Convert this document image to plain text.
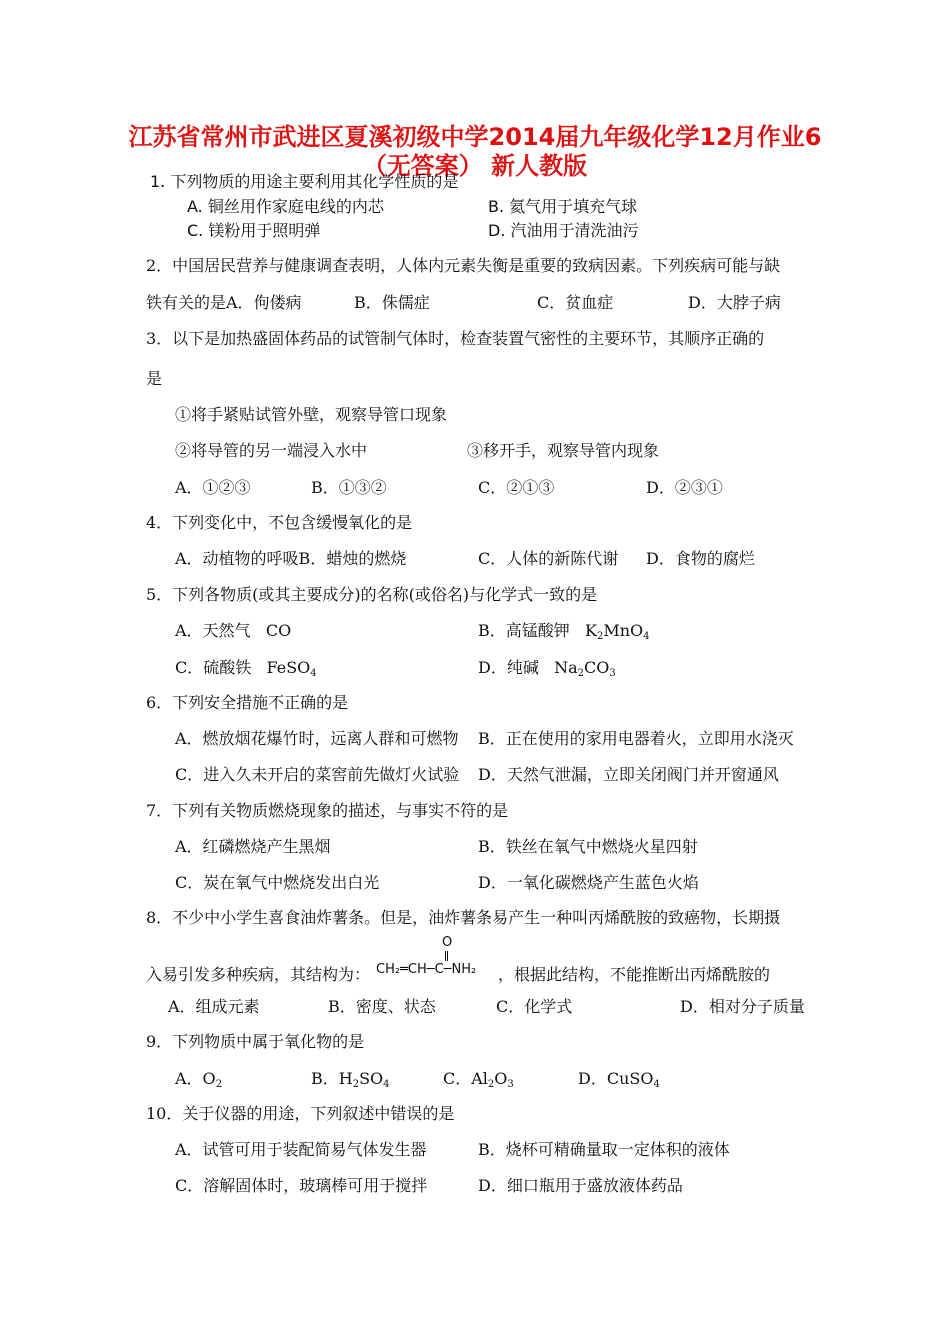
江苏省常州市武进区夏溪初级中学2014届九年级化学12月作业6
（无答案） 新人教版
1. 下列物质的用途主要利用其化学性质的是
A. 铜丝用作家庭电线的内芯	B. 氦气用于填充气球
C. 镁粉用于照明弹	D. 汽油用于清洗油污
2．中国居民营养与健康调查表明，人体内元素失衡是重要的致病因素。下列疾病可能与缺
铁有关的是A．佝偻病	B．侏儒症	C．贫血症	D．大脖子病
3．以下是加热盛固体药品的试管制气体时，检查装置气密性的主要环节，其顺序正确的
是
①将手紧贴试管外壁，观察导管口现象
②将导管的另一端浸入水中	③移开手，观察导管内现象
A．①②③	B．①③②	C．②①③	D．②③①
4．下列变化中，不包含缓慢氧化的是
A．动植物的呼吸B．蜡烛的燃烧	C．人体的新陈代谢 D．食物的腐烂
5．下列各物质(或其主要成分)的名称(或俗名)与化学式一致的是
A．天然气 CO	B．高锰酸钾 $K_2MnO_4$
C．硫酸铁 FeSO$_4$	D．纯碱 $Na_2CO_3$
6．下列安全措施不正确的是
A．燃放烟花爆竹时，远离人群和可燃物 B．正在使用的家用电器着火，立即用水浇灭
C．进入久未开启的菜窖前先做灯火试验 D．天然气泄漏，立即关闭阀门并开窗通风
7．下列有关物质燃烧现象的描述，与事实不符的是
A．红磷燃烧产生黑烟	B．铁丝在氧气中燃烧火星四射
C．炭在氧气中燃烧发出白光	D．一氧化碳燃烧产生蓝色火焰
8．不少中小学生喜食油炸薯条。但是，油炸薯条易产生一种叫丙烯酰胺的致癌物，长期摄
入易引发多种疾病，其结构为：
O
CH₂═CH─C─NH₂ ，根据此结构，不能推断出丙烯酰胺的
A．组成元素	B．密度、状态	C．化学式	D．相对分子质量
9．下列物质中属于氧化物的是
A．$O_2$	B．$H_2SO_4$	C．$Al_2O_3$	D．CuSO$_4$
10．关于仪器的用途，下列叙述中错误的是
A．试管可用于装配简易气体发生器	B．烧杯可精确量取一定体积的液体
C．溶解固体时，玻璃棒可用于搅拌	D．细口瓶用于盛放液体药品
